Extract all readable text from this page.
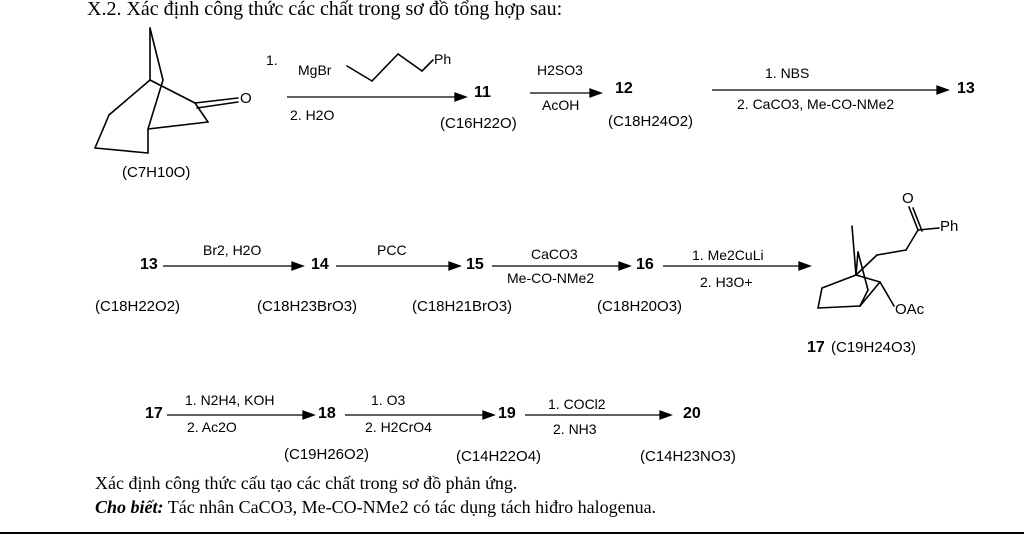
X.2. Xác định công thức các chất trong sơ đồ tổng hợp sau:
(C7H10O)
O
1.
MgBr
Ph
2. H2O
11
(C16H22O)
H2SO3
AcOH
12
(C18H24O2)
1. NBS
2. CaCO3, Me-CO-NMe2
13
13
(C18H22O2)
Br2, H2O
14
(C18H23BrO3)
PCC
15
(C18H21BrO3)
CaCO3
Me-CO-NMe2
16
(C18H20O3)
1. Me2CuLi
2. H3O+
O
Ph
OAc
17 (C19H24O3)
17
1. N2H4, KOH
2. Ac2O
18
(C19H26O2)
1. O3
2. H2CrO4
19
(C14H22O4)
1. COCl2
2. NH3
20
(C14H23NO3)
Xác định công thức cấu tạo các chất trong sơ đồ phản ứng.
Cho biết: Tác nhân CaCO3, Me-CO-NMe2 có tác dụng tách hiđro halogenua.
